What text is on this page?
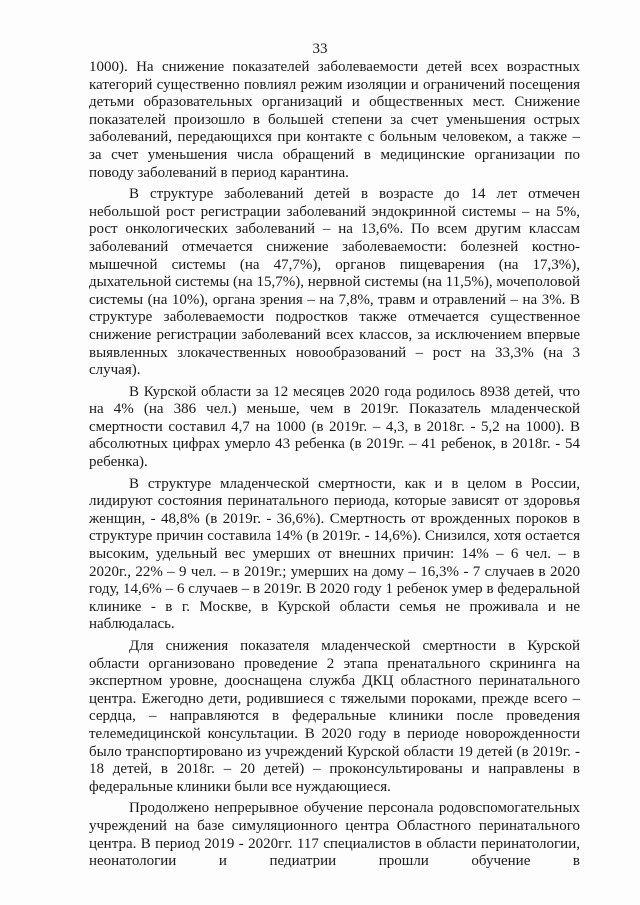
33

1000). На снижение показателей заболеваемости детей всех возрастных категорий существенно повлиял режим изоляции и ограничений посещения детьми образовательных организаций и общественных мест. Снижение показателей произошло в большей степени за счет уменьшения острых заболеваний, передающихся при контакте с больным человеком, а также – за счет уменьшения числа обращений в медицинские организации по поводу заболеваний в период карантина.

В структуре заболеваний детей в возрасте до 14 лет отмечен небольшой рост регистрации заболеваний эндокринной системы – на 5%, рост онкологических заболеваний – на 13,6%. По всем другим классам заболеваний отмечается снижение заболеваемости: болезней костно-мышечной системы (на 47,7%), органов пищеварения (на 17,3%), дыхательной системы (на 15,7%), нервной системы (на 11,5%), мочеполовой системы (на 10%), органа зрения – на 7,8%, травм и отравлений – на 3%. В структуре заболеваемости подростков также отмечается существенное снижение регистрации заболеваний всех классов, за исключением впервые выявленных злокачественных новообразований – рост на 33,3% (на 3 случая).

В Курской области за 12 месяцев 2020 года родилось 8938 детей, что на 4% (на 386 чел.) меньше, чем в 2019г. Показатель младенческой смертности составил 4,7 на 1000 (в 2019г. – 4,3, в 2018г. - 5,2 на 1000). В абсолютных цифрах умерло 43 ребенка (в 2019г. – 41 ребенок, в 2018г. - 54 ребенка).

В структуре младенческой смертности, как и в целом в России, лидируют состояния перинатального периода, которые зависят от здоровья женщин, - 48,8% (в 2019г. - 36,6%). Смертность от врожденных пороков в структуре причин составила 14% (в 2019г. - 14,6%). Снизился, хотя остается высоким, удельный вес умерших от внешних причин: 14% – 6 чел. – в 2020г., 22% – 9 чел. – в 2019г.; умерших на дому – 16,3% - 7 случаев в 2020 году, 14,6% – 6 случаев – в 2019г. В 2020 году 1 ребенок умер в федеральной клинике - в г. Москве, в Курской области семья не проживала и не наблюдалась.

Для снижения показателя младенческой смертности в Курской области организовано проведение 2 этапа пренатального скрининга на экспертном уровне, дооснащена служба ДКЦ областного перинатального центра. Ежегодно дети, родившиеся с тяжелыми пороками, прежде всего – сердца, – направляются в федеральные клиники после проведения телемедицинской консультации. В 2020 году в периоде новорожденности было транспортировано из учреждений Курской области 19 детей (в 2019г. - 18 детей, в 2018г. – 20 детей) – проконсультированы и направлены в федеральные клиники были все нуждающиеся.

Продолжено непрерывное обучение персонала родовспомогательных учреждений на базе симуляционного центра Областного перинатального центра. В период 2019 - 2020гг. 117 специалистов в области перинатологии, неонатологии и педиатрии прошли обучение в
